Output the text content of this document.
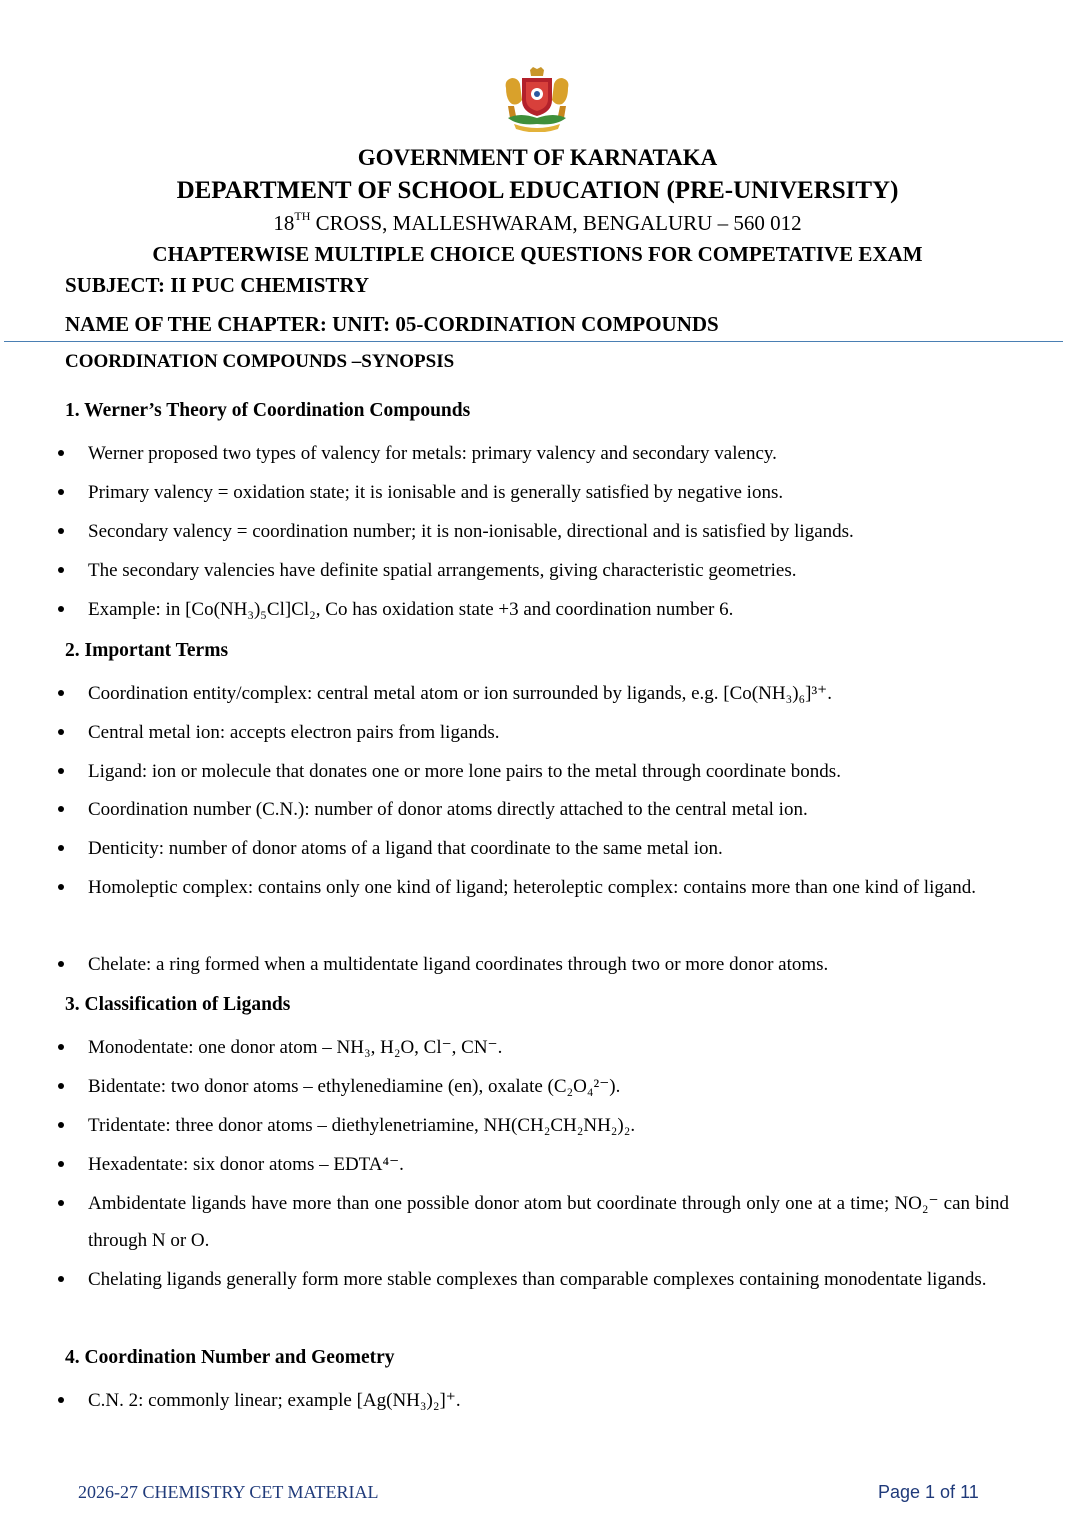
GOVERNMENT OF KARNATAKA
DEPARTMENT OF SCHOOL EDUCATION (PRE-UNIVERSITY)
18TH CROSS, MALLESHWARAM, BENGALURU – 560 012
CHAPTERWISE MULTIPLE CHOICE QUESTIONS FOR COMPETATIVE EXAM
SUBJECT: II PUC CHEMISTRY
NAME OF THE CHAPTER: UNIT: 05-CORDINATION COMPOUNDS
COORDINATION COMPOUNDS –SYNOPSIS
1. Werner’s Theory of Coordination Compounds
Werner proposed two types of valency for metals: primary valency and secondary valency.
Primary valency = oxidation state; it is ionisable and is generally satisfied by negative ions.
Secondary valency = coordination number; it is non-ionisable, directional and is satisfied by ligands.
The secondary valencies have definite spatial arrangements, giving characteristic geometries.
Example: in [Co(NH₃)₅Cl]Cl₂, Co has oxidation state +3 and coordination number 6.
2. Important Terms
Coordination entity/complex: central metal atom or ion surrounded by ligands, e.g. [Co(NH₃)₆]³⁺.
Central metal ion: accepts electron pairs from ligands.
Ligand: ion or molecule that donates one or more lone pairs to the metal through coordinate bonds.
Coordination number (C.N.): number of donor atoms directly attached to the central metal ion.
Denticity: number of donor atoms of a ligand that coordinate to the same metal ion.
Homoleptic complex: contains only one kind of ligand; heteroleptic complex: contains more than one kind of ligand.
Chelate: a ring formed when a multidentate ligand coordinates through two or more donor atoms.
3. Classification of Ligands
Monodentate: one donor atom – NH₃, H₂O, Cl⁻, CN⁻.
Bidentate: two donor atoms – ethylenediamine (en), oxalate (C₂O₄²⁻).
Tridentate: three donor atoms – diethylenetriamine, NH(CH₂CH₂NH₂)₂.
Hexadentate: six donor atoms – EDTA⁴⁻.
Ambidentate ligands have more than one possible donor atom but coordinate through only one at a time; NO₂⁻ can bind through N or O.
Chelating ligands generally form more stable complexes than comparable complexes containing monodentate ligands.
4. Coordination Number and Geometry
C.N. 2: commonly linear; example [Ag(NH₃)₂]⁺.
2026-27 CHEMISTRY CET MATERIAL	Page 1 of 11
